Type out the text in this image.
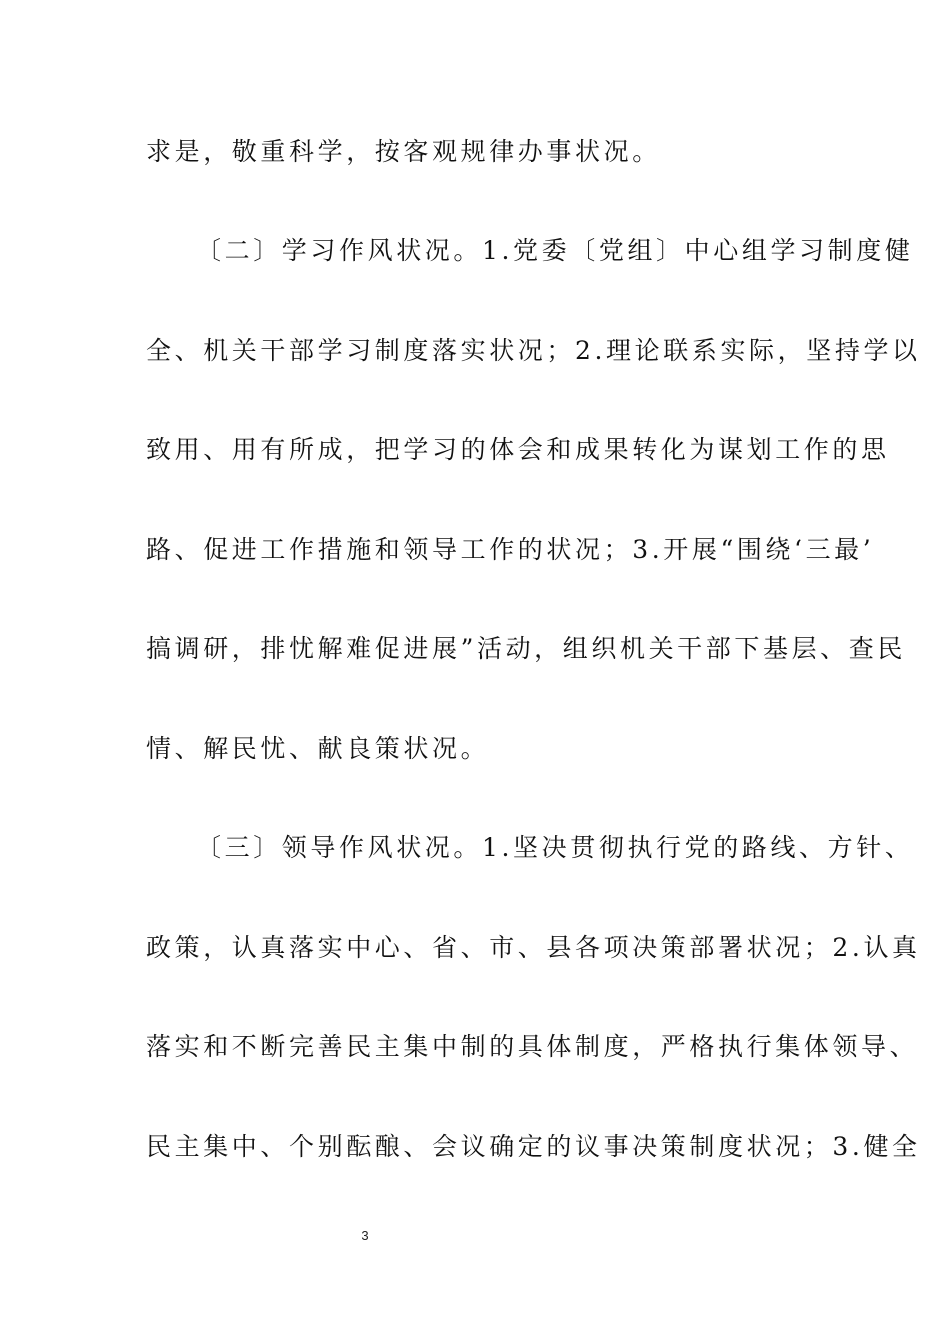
求是，敬重科学，按客观规律办事状况。
〔二〕学习作风状况。1.党委〔党组〕中心组学习制度健
全、机关干部学习制度落实状况；2.理论联系实际，坚持学以
致用、用有所成，把学习的体会和成果转化为谋划工作的思
路、促进工作措施和领导工作的状况；3.开展“围绕‘三最’
搞调研，排忧解难促进展”活动，组织机关干部下基层、查民
情、解民忧、献良策状况。
〔三〕领导作风状况。1.坚决贯彻执行党的路线、方针、
政策，认真落实中心、省、市、县各项决策部署状况；2.认真
落实和不断完善民主集中制的具体制度，严格执行集体领导、
民主集中、个别酝酿、会议确定的议事决策制度状况；3.健全
3
